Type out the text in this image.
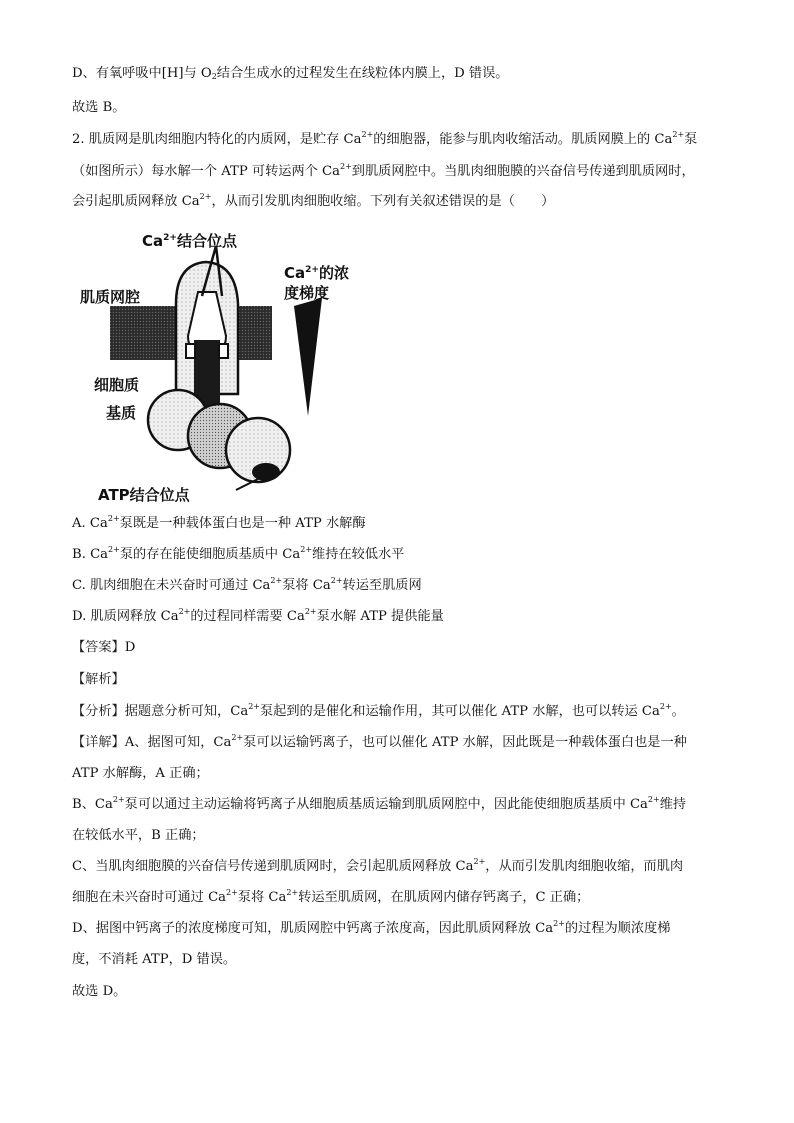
D、有氧呼吸中[H]与 $O_2$结合生成水的过程发生在线粒体内膜上，D 错误。
故选 B。
2. 肌质网是肌肉细胞内特化的内质网，是贮存 $Ca^{2+}$的细胞器，能参与肌肉收缩活动。肌质网膜上的 $Ca^{2+}$泵
（如图所示）每水解一个 ATP 可转运两个 $Ca^{2+}$到肌质网腔中。当肌肉细胞膜的兴奋信号传递到肌质网时，
会引起肌质网释放 $Ca^{2+}$，从而引发肌肉细胞收缩。下列有关叙述错误的是（　　）
$Ca^{2+}$结合位点
$Ca^{2+}$的浓
度梯度
肌质网腔
细胞质
基质
ATP结合位点
A. $Ca^{2+}$泵既是一种载体蛋白也是一种 ATP 水解酶
B. $Ca^{2+}$泵的存在能使细胞质基质中 $Ca^{2+}$维持在较低水平
C. 肌肉细胞在未兴奋时可通过 $Ca^{2+}$泵将 $Ca^{2+}$转运至肌质网
D. 肌质网释放 $Ca^{2+}$的过程同样需要 $Ca^{2+}$泵水解 ATP 提供能量
【答案】D
【解析】
【分析】据题意分析可知，$Ca^{2+}$泵起到的是催化和运输作用，其可以催化 ATP 水解，也可以转运 $Ca^{2+}$。
【详解】A、据图可知，$Ca^{2+}$泵可以运输钙离子，也可以催化 ATP 水解，因此既是一种载体蛋白也是一种
ATP 水解酶，A 正确；
B、$Ca^{2+}$泵可以通过主动运输将钙离子从细胞质基质运输到肌质网腔中，因此能使细胞质基质中 $Ca^{2+}$维持
在较低水平，B 正确；
C、当肌肉细胞膜的兴奋信号传递到肌质网时，会引起肌质网释放 $Ca^{2+}$，从而引发肌肉细胞收缩，而肌肉
细胞在未兴奋时可通过 $Ca^{2+}$泵将 $Ca^{2+}$转运至肌质网，在肌质网内储存钙离子，C 正确；
D、据图中钙离子的浓度梯度可知，肌质网腔中钙离子浓度高，因此肌质网释放 $Ca^{2+}$的过程为顺浓度梯
度，不消耗 ATP，D 错误。
故选 D。
